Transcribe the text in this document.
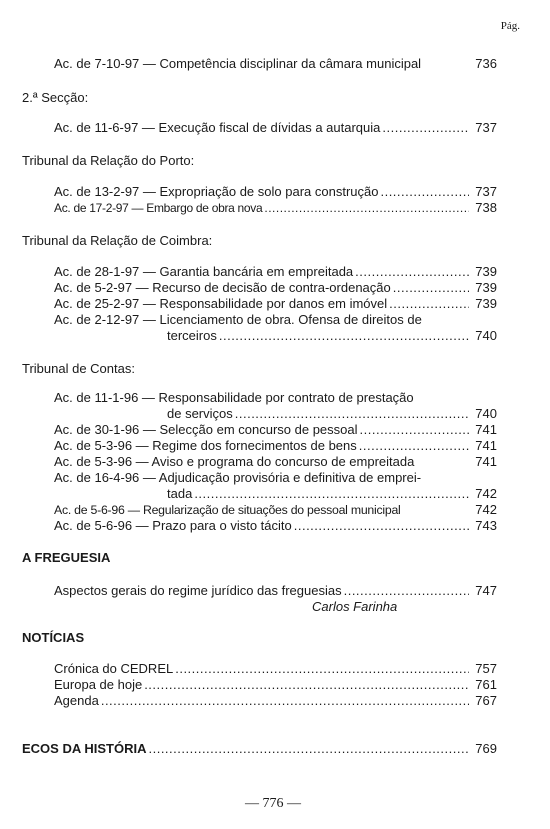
Pág.
Ac. de 7-10-97 — Competência disciplinar da câmara municipal	736
2.ª Secção:
Ac. de 11-6-97 — Execução fiscal de dívidas a autarquia .....	737
Tribunal da Relação do Porto:
Ac. de 13-2-97 — Expropriação de solo para construção .....	737
Ac. de 17-2-97 — Embargo de obra nova .....	738
Tribunal da Relação de Coimbra:
Ac. de 28-1-97 — Garantia bancária em empreitada .....	739
Ac. de 5-2-97 — Recurso de decisão de contra-ordenação .....	739
Ac. de 25-2-97 — Responsabilidade por danos em imóvel .....	739
Ac. de 2-12-97 — Licenciamento de obra. Ofensa de direitos de
terceiros .....	740
Tribunal de Contas:
Ac. de 11-1-96 — Responsabilidade por contrato de prestação
de serviços .....	740
Ac. de 30-1-96 — Selecção em concurso de pessoal .....	741
Ac. de 5-3-96 — Regime dos fornecimentos de bens .....	741
Ac. de 5-3-96 — Aviso e programa do concurso de empreitada	741
Ac. de 16-4-96 — Adjudicação provisória e definitiva de emprei-
tada .....	742
Ac. de 5-6-96 — Regularização de situações do pessoal municipal	742
Ac. de 5-6-96 — Prazo para o visto tácito .....	743
A FREGUESIA
Aspectos gerais do regime jurídico das freguesias .....	747
Carlos Farinha
NOTÍCIAS
Crónica do CEDREL .....	757
Europa de hoje .....	761
Agenda .....	767
ECOS DA HISTÓRIA .....	769
— 776 —
